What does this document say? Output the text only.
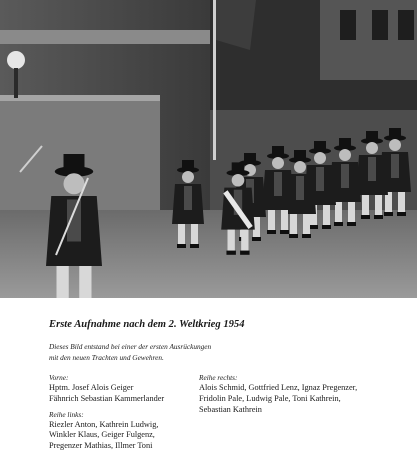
Erste Aufnahme nach dem 2. Weltkrieg 1954

Dieses Bild entstand bei einer der ersten Ausrückungen
mit den neuen Trachten und Gewehren.
Vorne:
Hptm. Josef Alois Geiger
Fähnrich Sebastian Kammerlander
Reihe links:
Riezler Anton, Kathrein Ludwig,
Winkler Klaus, Geiger Fulgenz,
Pregenzer Mathias, Illmer Toni
Reihe rechts:
Alois Schmid, Gottfried Lenz, Ignaz Pregenzer,
Fridolin Pale, Ludwig Pale, Toni Kathrein,
Sebastian Kathrein
